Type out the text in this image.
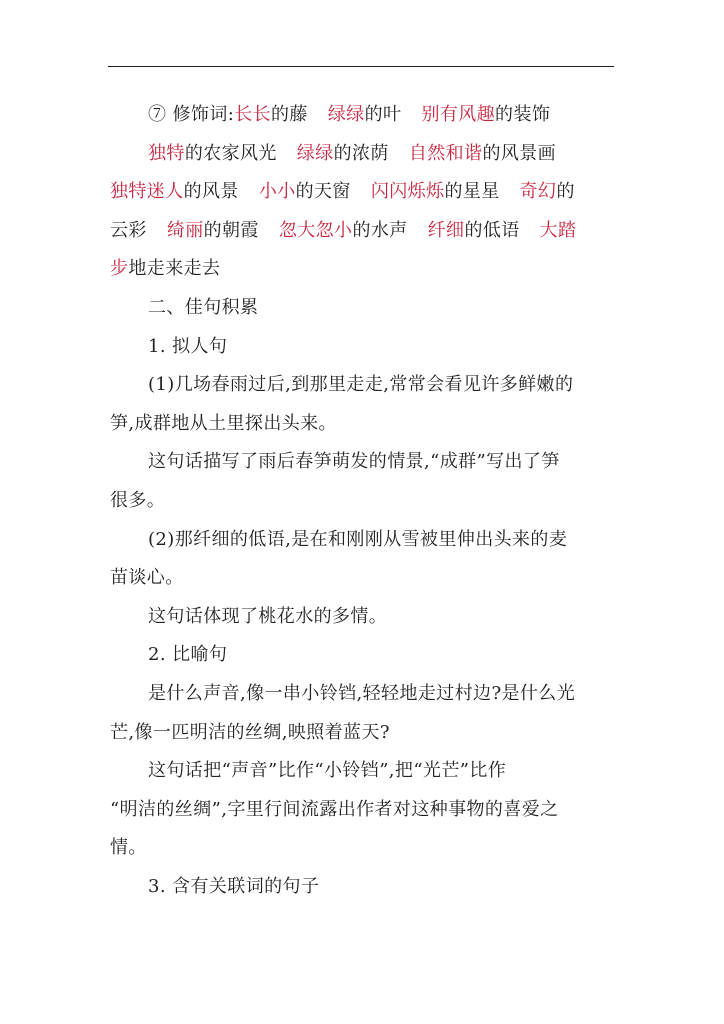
⑦ 修饰词:长长的藤 绿绿的叶 别有风趣的装饰

独特的农家风光 绿绿的浓荫 自然和谐的风景画

独特迷人的风景 小小的天窗 闪闪烁烁的星星 奇幻的

云彩 绮丽的朝霞 忽大忽小的水声 纤细的低语 大踏

步地走来走去

二、佳句积累

1. 拟人句

(1)几场春雨过后,到那里走走,常常会看见许多鲜嫩的

笋,成群地从土里探出头来。

这句话描写了雨后春笋萌发的情景,“成群”写出了笋

很多。

(2)那纤细的低语,是在和刚刚从雪被里伸出头来的麦

苗谈心。

这句话体现了桃花水的多情。

2. 比喻句

是什么声音,像一串小铃铛,轻轻地走过村边?是什么光

芒,像一匹明洁的丝绸,映照着蓝天?

这句话把“声音”比作“小铃铛”,把“光芒”比作

“明洁的丝绸”,字里行间流露出作者对这种事物的喜爱之

情。

3. 含有关联词的句子
